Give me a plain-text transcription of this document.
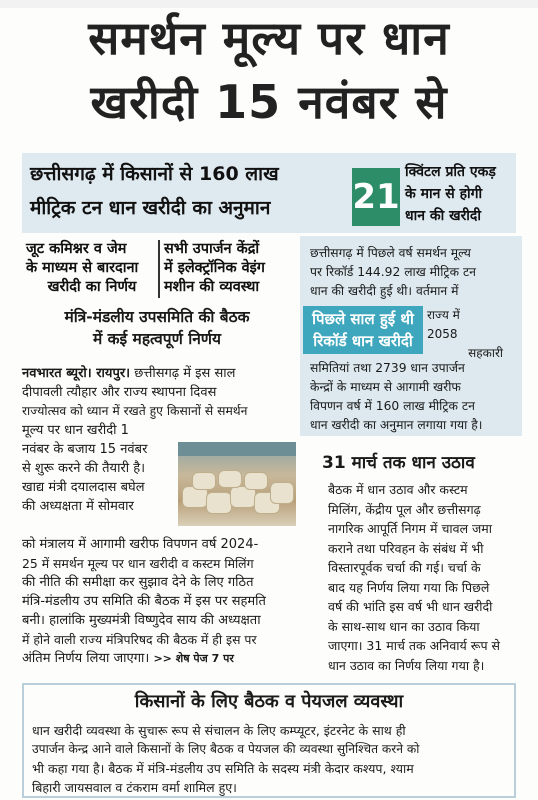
समर्थन मूल्य पर धान
खरीदी 15 नवंबर से
छत्तीसगढ़ में किसानों से 160 लाख
मीट्रिक टन धान खरीदी का अनुमान	21
क्विंटल प्रति एकड़
के मान से होगी
धान की खरीदी
जूट कमिश्नर व जेम
के माध्यम से बारदाना
खरीदी का निर्णय
सभी उपार्जन केंद्रों
में इलेक्ट्रॉनिक वेइंग
मशीन की व्यवस्था
मंत्रि-मंडलीय उपसमिति की बैठक
में कई महत्वपूर्ण निर्णय
नवभारत ब्यूरो। रायपुर। छत्तीसगढ़ में इस साल
दीपावली त्यौहार और राज्य स्थापना दिवस
राज्योत्सव को ध्यान में रखते हुए किसानों से समर्थन
मूल्य पर धान खरीदी 1
नवंबर के बजाय 15 नवंबर
से शुरू करने की तैयारी है।
खाद्य मंत्री दयालदास बघेल
की अध्यक्षता में सोमवार
को मंत्रालय में आगामी खरीफ विपणन वर्ष 2024-
25 में समर्थन मूल्य पर धान खरीदी व कस्टम मिलिंग
की नीति की समीक्षा कर सुझाव देने के लिए गठित
मंत्रि-मंडलीय उप समिति की बैठक में इस पर सहमति
बनी। हालांकि मुख्यमंत्री विष्णुदेव साय की अध्यक्षता
में होने वाली राज्य मंत्रिपरिषद की बैठक में ही इस पर
अंतिम निर्णय लिया जाएगा। >> शेष पेज 7 पर
छत्तीसगढ़ में पिछले वर्ष समर्थन मूल्य
पर रिकॉर्ड 144.92 लाख मीट्रिक टन
धान की खरीदी हुई थी। वर्तमान में
पिछले साल हुई थी
रिकॉर्ड धान खरीदी
राज्य में
2058
सहकारी
समितियां तथा 2739 धान उपार्जन
केन्द्रों के माध्यम से आगामी खरीफ
विपणन वर्ष में 160 लाख मीट्रिक टन
धान खरीदी का अनुमान लगाया गया है।
31 मार्च तक धान उठाव
बैठक में धान उठाव और कस्टम
मिलिंग, केंद्रीय पूल और छत्तीसगढ़
नागरिक आपूर्ति निगम में चावल जमा
कराने तथा परिवहन के संबंध में भी
विस्तारपूर्वक चर्चा की गई। चर्चा के
बाद यह निर्णय लिया गया कि पिछले
वर्ष की भांति इस वर्ष भी धान खरीदी
के साथ-साथ धान का उठाव किया
जाएगा। 31 मार्च तक अनिवार्य रूप से
धान उठाव का निर्णय लिया गया है।
किसानों के लिए बैठक व पेयजल व्यवस्था
धान खरीदी व्यवस्था के सुचारू रूप से संचालन के लिए कम्प्यूटर, इंटरनेट के साथ ही
उपार्जन केन्द्र आने वाले किसानों के लिए बैठक व पेयजल की व्यवस्था सुनिश्चित करने को
भी कहा गया है। बैठक में मंत्रि-मंडलीय उप समिति के सदस्य मंत्री केदार कश्यप, श्याम
बिहारी जायसवाल व टंकराम वर्मा शामिल हुए।
